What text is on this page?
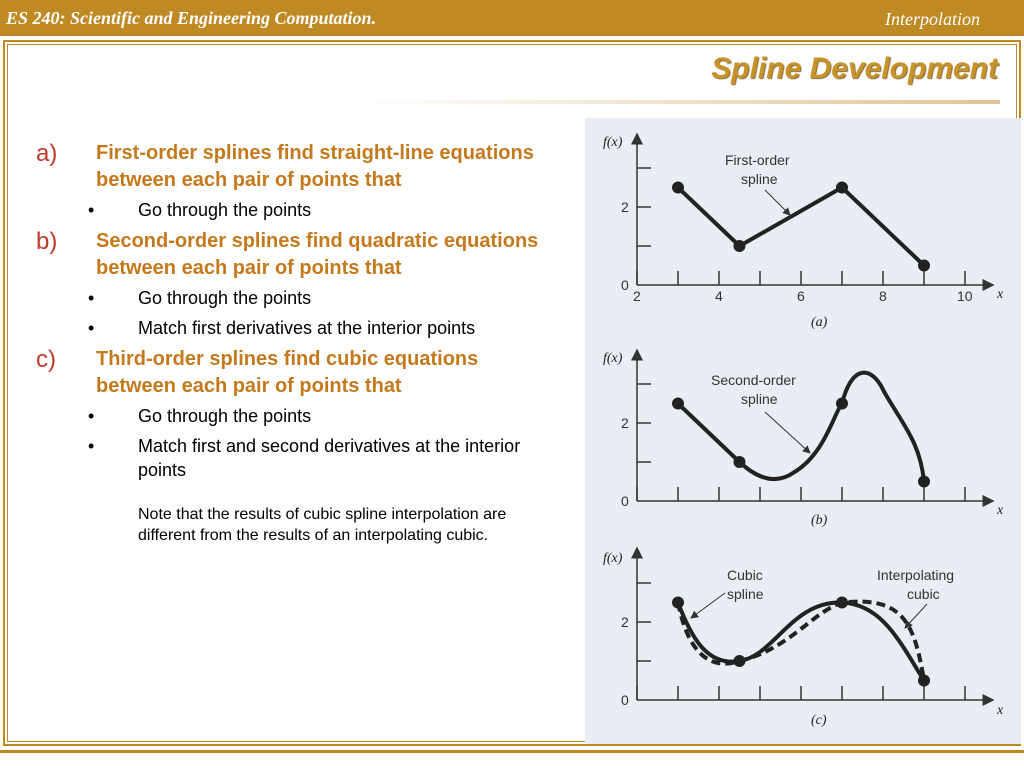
ES 240: Scientific and Engineering Computation.	Interpolation
Spline Development
a) First-order splines find straight-line equations between each pair of points that
• Go through the points
b) Second-order splines find quadratic equations between each pair of points that
• Go through the points
• Match first derivatives at the interior points
c) Third-order splines find cubic equations between each pair of points that
• Go through the points
• Match first and second derivatives at the interior points
Note that the results of cubic spline interpolation are different from the results of an interpolating cubic.
f(x)
x
2	4	6	8	10
0
2
First-order
spline
(a)
f(x)
x
0
2
Second-order
spline
(b)
f(x)
x
0
2
Cubic
spline
Interpolating
cubic
(c)
